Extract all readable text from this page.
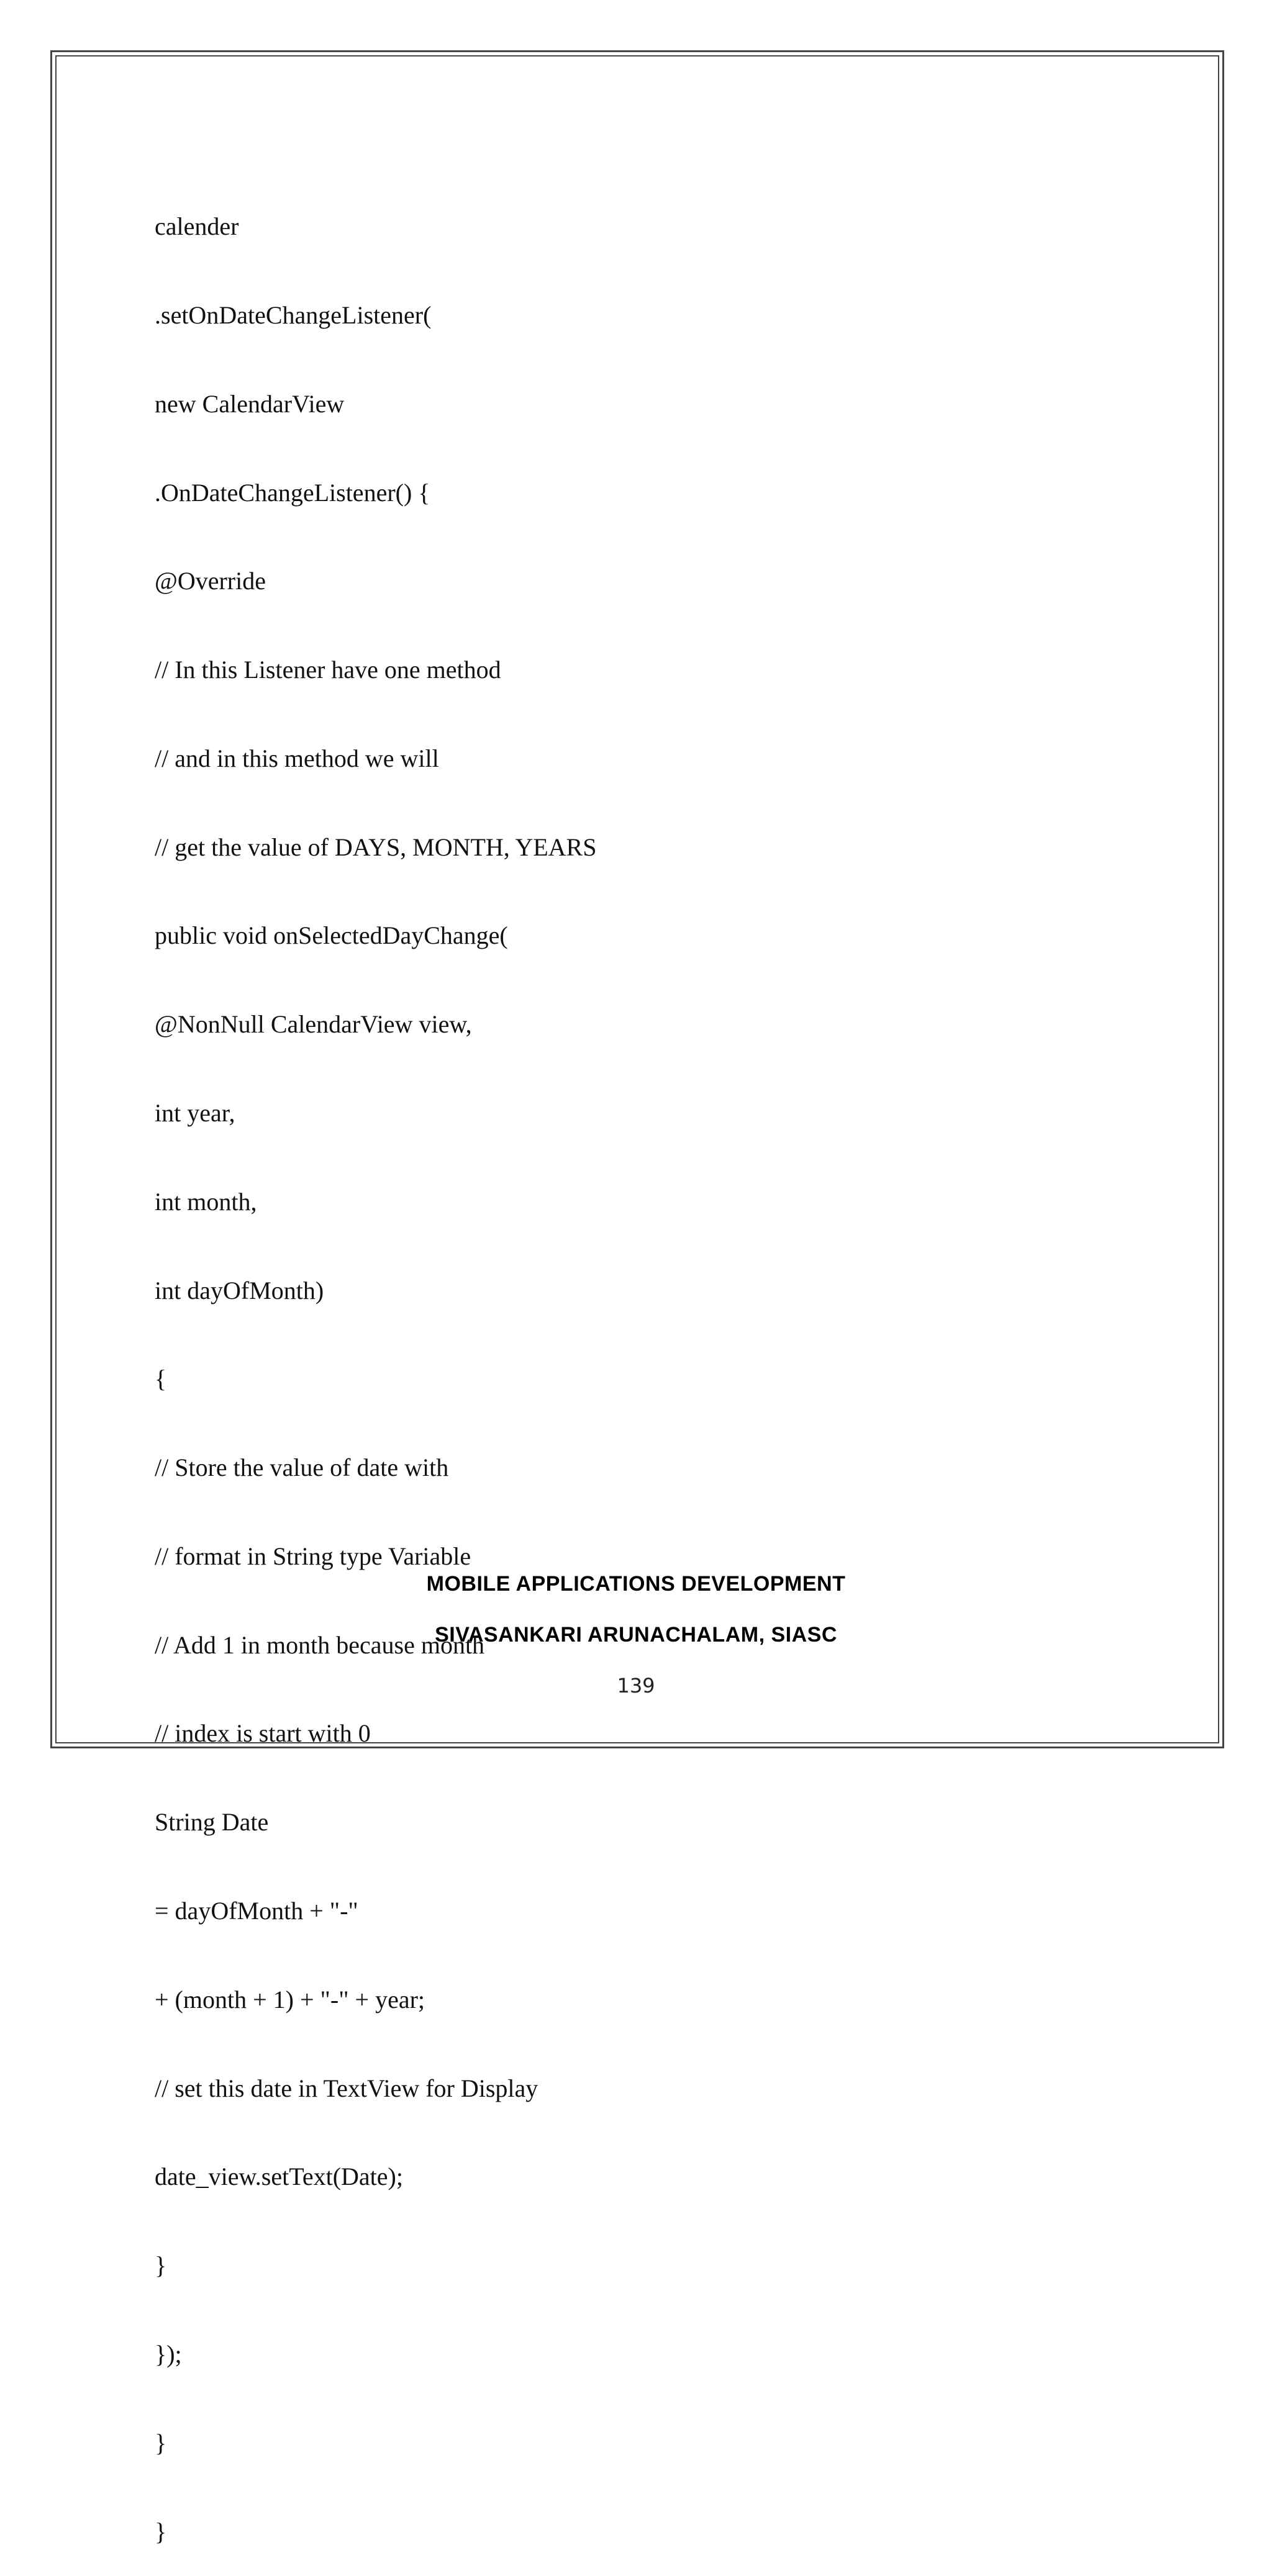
calender

.setOnDateChangeListener(

new CalendarView

.OnDateChangeListener() {

@Override

// In this Listener have one method

// and in this method we will

// get the value of DAYS, MONTH, YEARS

public void onSelectedDayChange(

@NonNull CalendarView view,

int year,

int month,

int dayOfMonth)

{

// Store the value of date with

// format in String type Variable

// Add 1 in month because month

// index is start with 0

String Date

= dayOfMonth + "-"

+ (month + 1) + "-" + year;

// set this date in TextView for Display

date_view.setText(Date);

}

});

}

}

MOBILE APPLICATIONS DEVELOPMENT
SIVASANKARI ARUNACHALAM, SIASC
139
